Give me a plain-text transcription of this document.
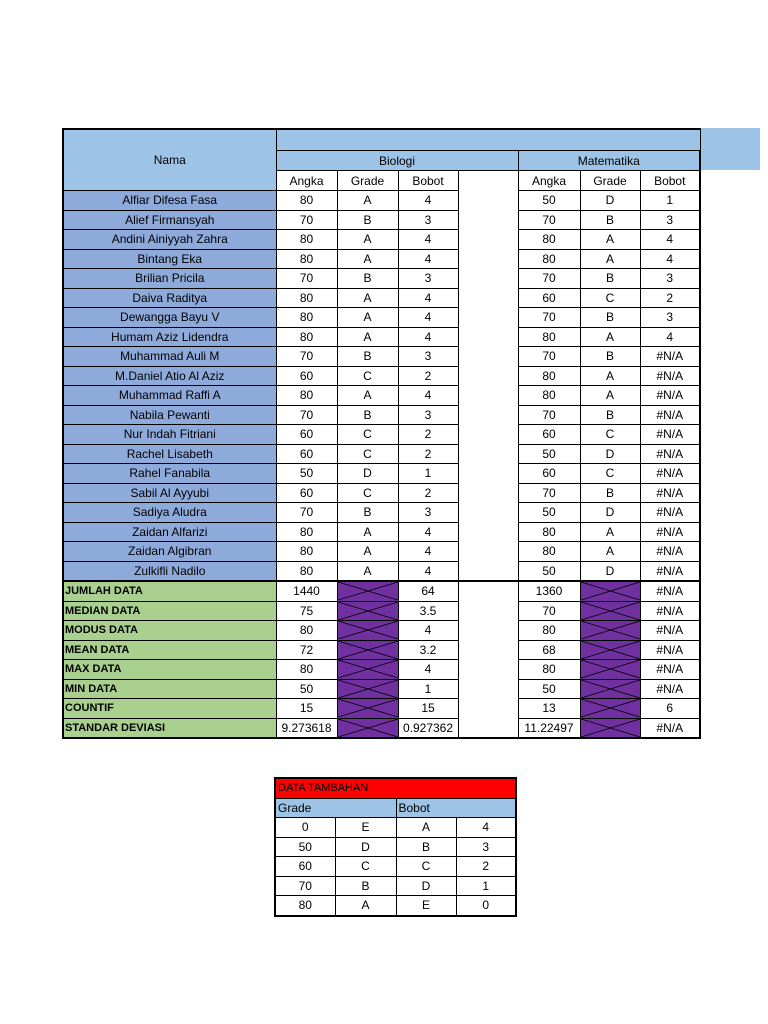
Nama							
	Biologi				Matematika		
	Angka	Grade	Bobot		Angka	Grade	Bobot
Alfiar Difesa Fasa	80	A	4		50	D	1
Alief Firmansyah	70	B	3		70	B	3
Andini Ainiyyah Zahra	80	A	4		80	A	4
Bintang Eka	80	A	4		80	A	4
Brilian Pricila	70	B	3		70	B	3
Daiva Raditya	80	A	4		60	C	2
Dewangga Bayu V	80	A	4		70	B	3
Humam Aziz Lidendra	80	A	4		80	A	4
Muhammad Auli M	70	B	3		70	B	#N/A
M.Daniel Atio Al Aziz	60	C	2		80	A	#N/A
Muhammad Raffi A	80	A	4		80	A	#N/A
Nabila Pewanti	70	B	3		70	B	#N/A
Nur Indah Fitriani	60	C	2		60	C	#N/A
Rachel Lisabeth	60	C	2		50	D	#N/A
Rahel Fanabila	50	D	1		60	C	#N/A
Sabil Al Ayyubi	60	C	2		70	B	#N/A
Sadiya Aludra	70	B	3		50	D	#N/A
Zaidan Alfarizi	80	A	4		80	A	#N/A
Zaidan Algibran	80	A	4		80	A	#N/A
Zulkifli Nadilo	80	A	4		50	D	#N/A
JUMLAH DATA	1440		64		1360		#N/A
MEDIAN DATA	75		3.5		70		#N/A
MODUS DATA	80		4		80		#N/A
MEAN DATA	72		3.2		68		#N/A
MAX DATA	80		4		80		#N/A
MIN DATA	50		1		50		#N/A
COUNTIF	15		15		13		6
STANDAR DEVIASI	9.273618		0.927362		11.22497		#N/A
DATA TAMBAHAN			
Grade		Bobot	
0	E	A	4
50	D	B	3
60	C	C	2
70	B	D	1
80	A	E	0
